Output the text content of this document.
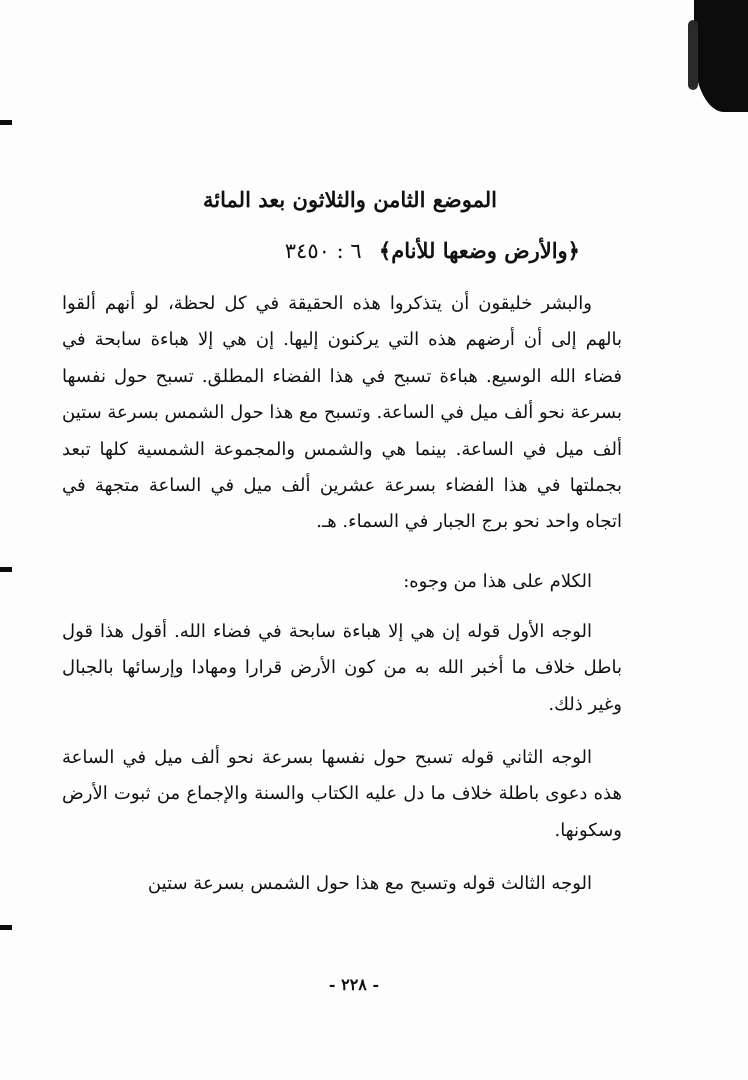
الموضع الثامن والثلاثون بعد المائة
﴿والأرض وضعها للأنام﴾ ٦ : ٣٤٥٠

والبشر خليقون أن يتذكروا هذه الحقيقة في كل لحظة، لو أنهم ألقوا بالهم إلى أن أرضهم هذه التي يركنون إليها. إن هي إلا هباءة سابحة في فضاء الله الوسيع. هباءة تسبح في هذا الفضاء المطلق. تسبح حول نفسها بسرعة نحو ألف ميل في الساعة. وتسبح مع هذا حول الشمس بسرعة ستين ألف ميل في الساعة. بينما هي والشمس والمجموعة الشمسية كلها تبعد بجملتها في هذا الفضاء بسرعة عشرين ألف ميل في الساعة متجهة في اتجاه واحد نحو برج الجبار في السماء. هـ.

الكلام على هذا من وجوه:

الوجه الأول قوله إن هي إلا هباءة سابحة في فضاء الله. أقول هذا قول باطل خلاف ما أخبر الله به من كون الأرض قرارا ومهادا وإرسائها بالجبال وغير ذلك.

الوجه الثاني قوله تسبح حول نفسها بسرعة نحو ألف ميل في الساعة هذه دعوى باطلة خلاف ما دل عليه الكتاب والسنة والإجماع من ثبوت الأرض وسكونها.

الوجه الثالث قوله وتسبح مع هذا حول الشمس بسرعة ستين

- ٢٢٨ -
